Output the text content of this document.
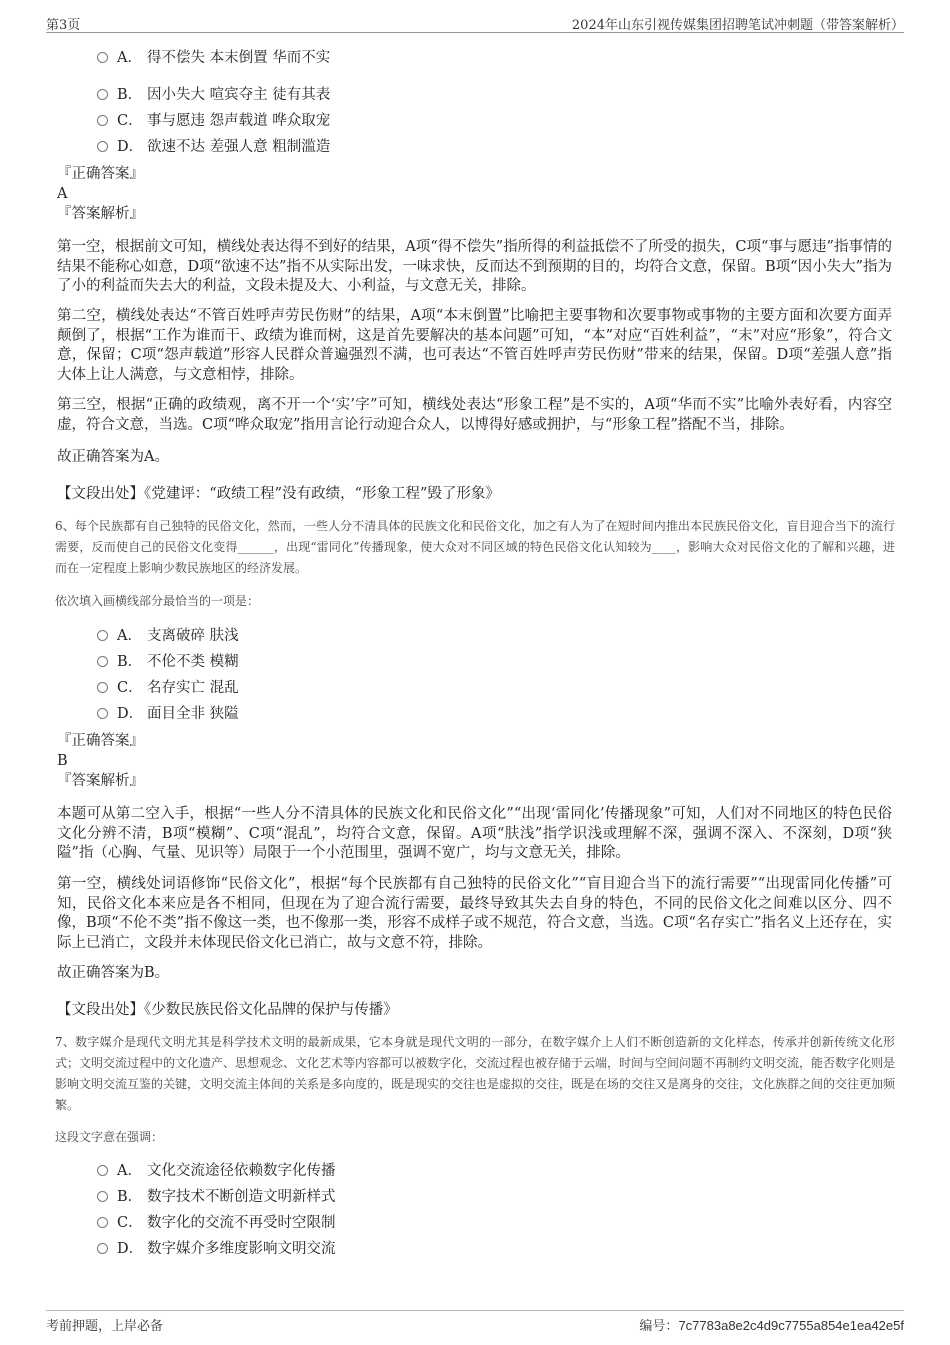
第3页	2024年山东引视传媒集团招聘笔试冲刺题（带答案解析）
A． 得不偿失 本末倒置 华而不实
B． 因小失大 喧宾夺主 徒有其表
C． 事与愿违 怨声载道 哗众取宠
D． 欲速不达 差强人意 粗制滥造
『正确答案』
A
『答案解析』
第一空，根据前文可知，横线处表达得不到好的结果，A项“得不偿失”指所得的利益抵偿不了所受的损失，C项“事与愿违”指事情的结果不能称心如意，D项“欲速不达”指不从实际出发，一味求快，反而达不到预期的目的，均符合文意，保留。B项“因小失大”指为了小的利益而失去大的利益，文段未提及大、小利益，与文意无关，排除。
第二空，横线处表达“不管百姓呼声劳民伤财”的结果，A项“本末倒置”比喻把主要事物和次要事物或事物的主要方面和次要方面弄颠倒了，根据“工作为谁而干、政绩为谁而树，这是首先要解决的基本问题”可知，“本”对应“百姓利益”，“末”对应“形象”，符合文意，保留；C项“怨声载道”形容人民群众普遍强烈不满，也可表达“不管百姓呼声劳民伤财”带来的结果，保留。D项“差强人意”指大体上让人满意，与文意相悖，排除。
第三空，根据“正确的政绩观，离不开一个‘实’字”可知，横线处表达“形象工程”是不实的，A项“华而不实”比喻外表好看，内容空虚，符合文意，当选。C项“哗众取宠”指用言论行动迎合众人，以博得好感或拥护，与“形象工程”搭配不当，排除。
故正确答案为A。
【文段出处】《党建评：“政绩工程”没有政绩，“形象工程”毁了形象》
6、每个民族都有自己独特的民俗文化，然而，一些人分不清具体的民族文化和民俗文化，加之有人为了在短时间内推出本民族民俗文化，盲目迎合当下的流行需要，反而使自己的民俗文化变得______，出现“雷同化”传播现象，使大众对不同区域的特色民俗文化认知较为____，影响大众对民俗文化的了解和兴趣，进而在一定程度上影响少数民族地区的经济发展。
依次填入画横线部分最恰当的一项是：
A． 支离破碎 肤浅
B． 不伦不类 模糊
C． 名存实亡 混乱
D． 面目全非 狭隘
『正确答案』
B
『答案解析』
本题可从第二空入手，根据“一些人分不清具体的民族文化和民俗文化”“出现‘雷同化’传播现象”可知，人们对不同地区的特色民俗文化分辨不清，B项“模糊”、C项“混乱”，均符合文意，保留。A项“肤浅”指学识浅或理解不深，强调不深入、不深刻，D项“狭隘”指（心胸、气量、见识等）局限于一个小范围里，强调不宽广，均与文意无关，排除。
第一空，横线处词语修饰“民俗文化”，根据“每个民族都有自己独特的民俗文化”“盲目迎合当下的流行需要”“出现雷同化传播”可知，民俗文化本来应是各不相同，但现在为了迎合流行需要，最终导致其失去自身的特色，不同的民俗文化之间难以区分、四不像，B项“不伦不类”指不像这一类，也不像那一类，形容不成样子或不规范，符合文意，当选。C项“名存实亡”指名义上还存在，实际上已消亡，文段并未体现民俗文化已消亡，故与文意不符，排除。
故正确答案为B。
【文段出处】《少数民族民俗文化品牌的保护与传播》
7、数字媒介是现代文明尤其是科学技术文明的最新成果，它本身就是现代文明的一部分，在数字媒介上人们不断创造新的文化样态，传承并创新传统文化形式；文明交流过程中的文化遗产、思想观念、文化艺术等内容都可以被数字化，交流过程也被存储于云端，时间与空间问题不再制约文明交流，能否数字化则是影响文明交流互鉴的关键，文明交流主体间的关系是多向度的，既是现实的交往也是虚拟的交往，既是在场的交往又是离身的交往，文化族群之间的交往更加频繁。
这段文字意在强调：
A． 文化交流途径依赖数字化传播
B． 数字技术不断创造文明新样式
C． 数字化的交流不再受时空限制
D． 数字媒介多维度影响文明交流
考前押题，上岸必备	编号：7c7783a8e2c4d9c7755a854e1ea42e5f
